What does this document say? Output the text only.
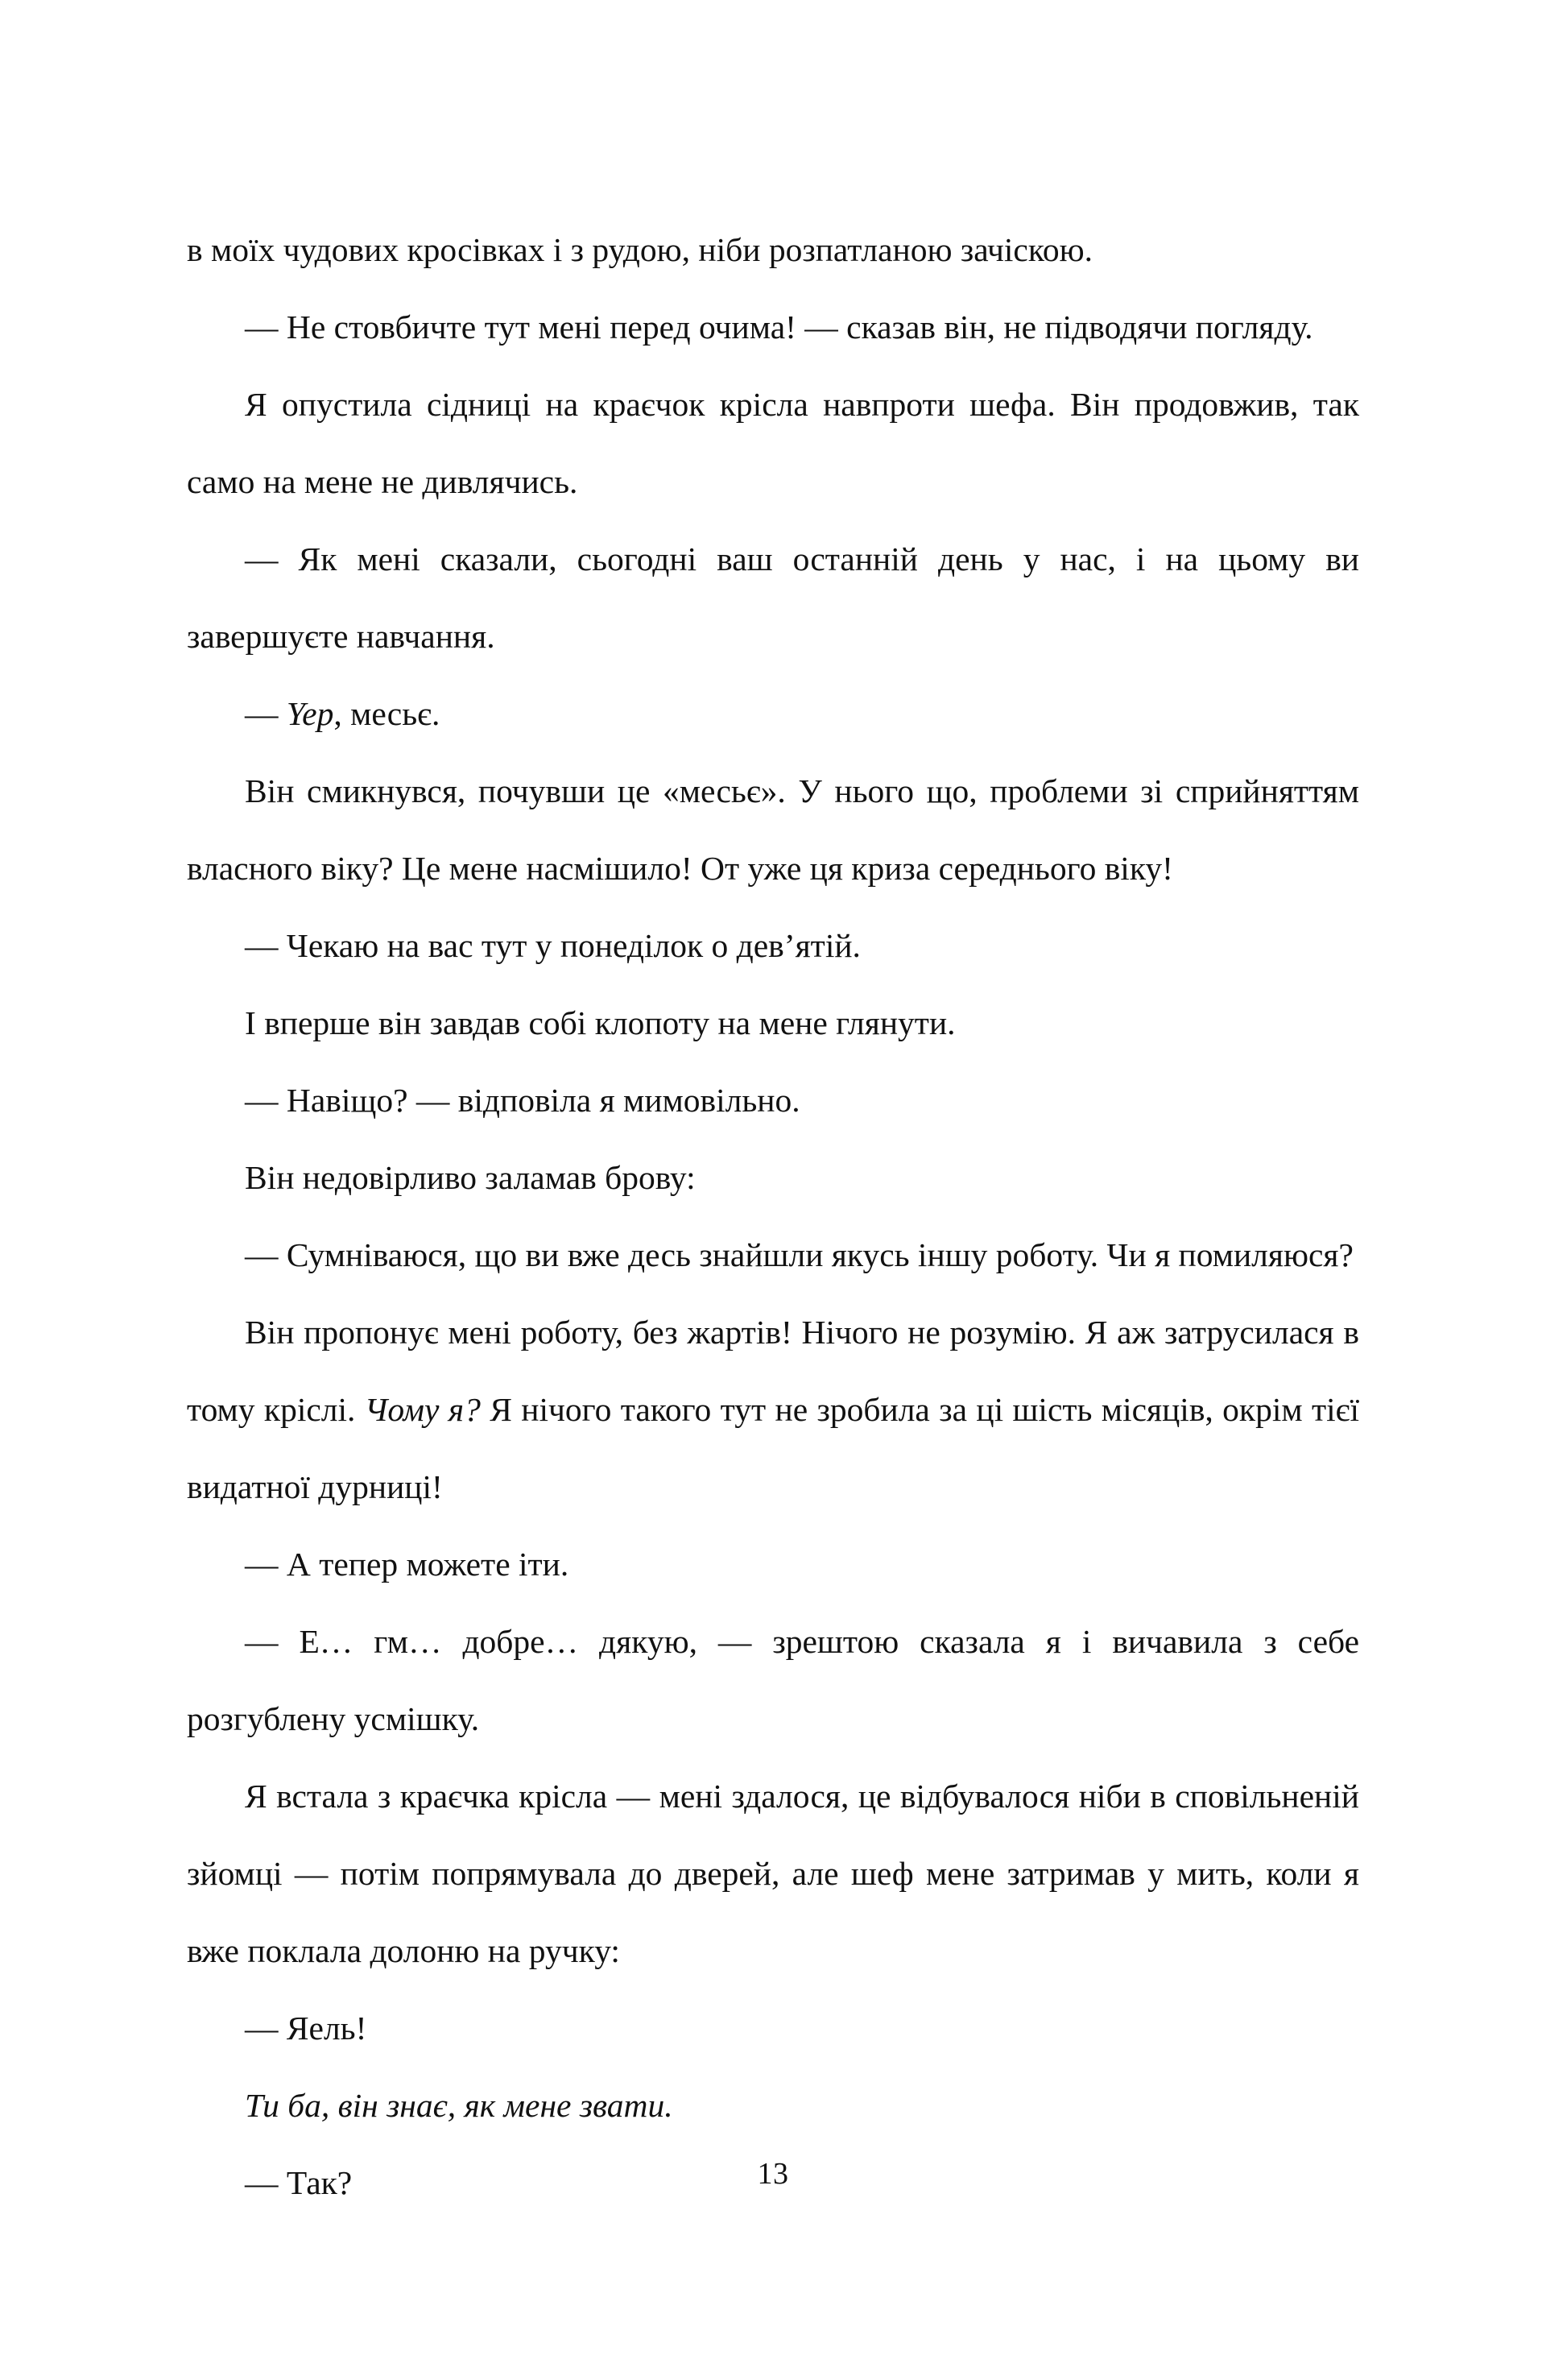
в моїх чудових кросівках і з рудою, ніби розпатланою зачіскою.

— Не стовбичте тут мені перед очима! — сказав він, не підводячи погляду.

Я опустила сідниці на краєчок крісла навпроти шефа. Він продовжив, так само на мене не дивлячись.

— Як мені сказали, сьогодні ваш останній день у нас, і на цьому ви завершуєте навчання.

— Yep, месьє.

Він смикнувся, почувши це «месьє». У нього що, проблеми зі сприйняттям власного віку? Це мене насмішило! От уже ця криза середнього віку!

— Чекаю на вас тут у понеділок о дев’ятій.

І вперше він завдав собі клопоту на мене глянути.

— Навіщо? — відповіла я мимовільно.

Він недовірливо заламав брову:

— Сумніваюся, що ви вже десь знайшли якусь іншу роботу. Чи я помиляюся?

Він пропонує мені роботу, без жартів! Нічого не розумію. Я аж затрусилася в тому кріслі. Чому я? Я нічого такого тут не зробила за ці шість місяців, окрім тієї видатної дурниці!

— А тепер можете іти.

— Е… гм… добре… дякую, — зрештою сказала я і вичавила з себе розгублену усмішку.

Я встала з краєчка крісла — мені здалося, це відбувалося ніби в сповільненій зйомці — потім попрямувала до дверей, але шеф мене затримав у мить, коли я вже поклала долоню на ручку:

— Яель!

Ти ба, він знає, як мене звати.

— Так?	13
